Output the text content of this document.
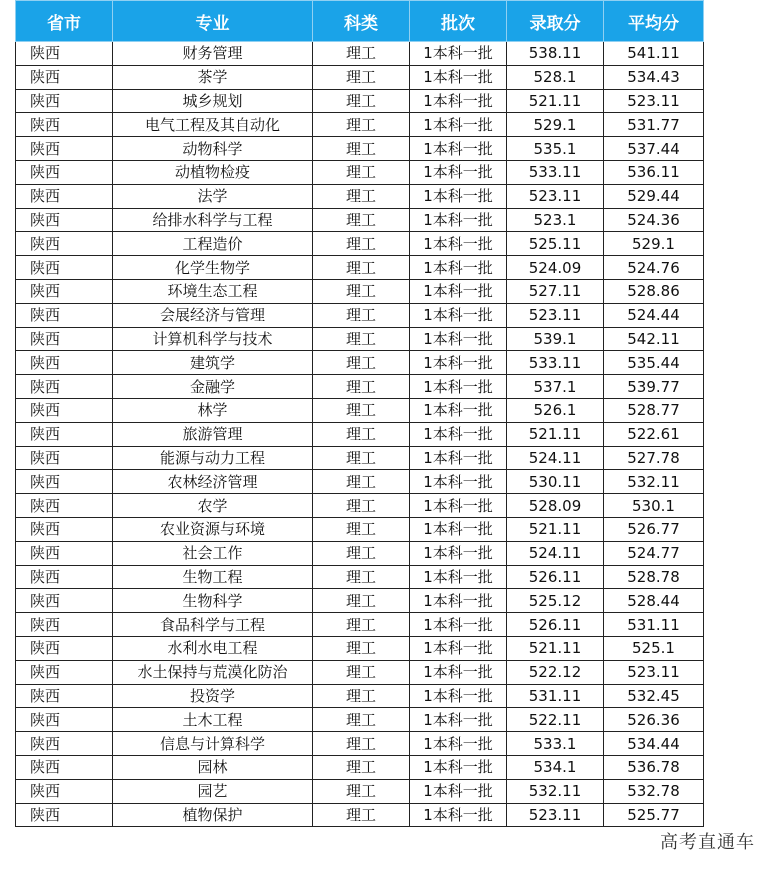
省市	专业	科类	批次	录取分	平均分
陕西	财务管理	理工	1本科一批	538.11	541.11
陕西	茶学	理工	1本科一批	528.1	534.43
陕西	城乡规划	理工	1本科一批	521.11	523.11
陕西	电气工程及其自动化	理工	1本科一批	529.1	531.77
陕西	动物科学	理工	1本科一批	535.1	537.44
陕西	动植物检疫	理工	1本科一批	533.11	536.11
陕西	法学	理工	1本科一批	523.11	529.44
陕西	给排水科学与工程	理工	1本科一批	523.1	524.36
陕西	工程造价	理工	1本科一批	525.11	529.1
陕西	化学生物学	理工	1本科一批	524.09	524.76
陕西	环境生态工程	理工	1本科一批	527.11	528.86
陕西	会展经济与管理	理工	1本科一批	523.11	524.44
陕西	计算机科学与技术	理工	1本科一批	539.1	542.11
陕西	建筑学	理工	1本科一批	533.11	535.44
陕西	金融学	理工	1本科一批	537.1	539.77
陕西	林学	理工	1本科一批	526.1	528.77
陕西	旅游管理	理工	1本科一批	521.11	522.61
陕西	能源与动力工程	理工	1本科一批	524.11	527.78
陕西	农林经济管理	理工	1本科一批	530.11	532.11
陕西	农学	理工	1本科一批	528.09	530.1
陕西	农业资源与环境	理工	1本科一批	521.11	526.77
陕西	社会工作	理工	1本科一批	524.11	524.77
陕西	生物工程	理工	1本科一批	526.11	528.78
陕西	生物科学	理工	1本科一批	525.12	528.44
陕西	食品科学与工程	理工	1本科一批	526.11	531.11
陕西	水利水电工程	理工	1本科一批	521.11	525.1
陕西	水土保持与荒漠化防治	理工	1本科一批	522.12	523.11
陕西	投资学	理工	1本科一批	531.11	532.45
陕西	土木工程	理工	1本科一批	522.11	526.36
陕西	信息与计算科学	理工	1本科一批	533.1	534.44
陕西	园林	理工	1本科一批	534.1	536.78
陕西	园艺	理工	1本科一批	532.11	532.78
陕西	植物保护	理工	1本科一批	523.11	525.77
高考直通车
